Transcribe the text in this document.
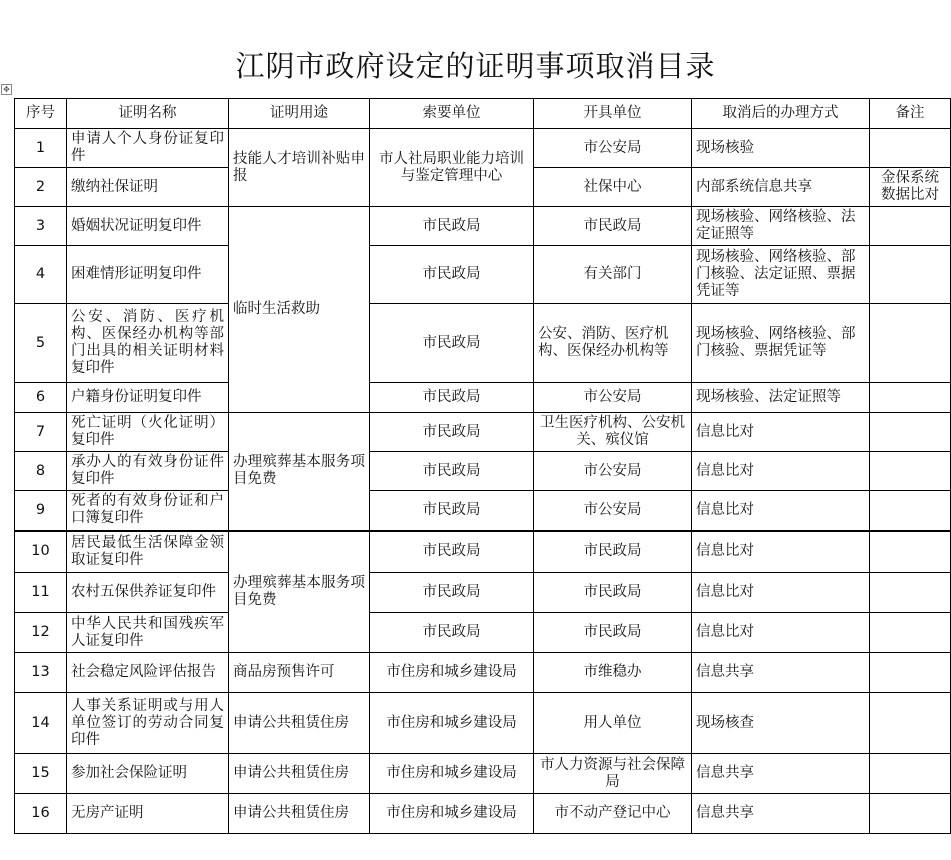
江阴市政府设定的证明事项取消目录
✥
序号	证明名称	证明用途	索要单位	开具单位	取消后的办理方式	备注
1	申请人个人身份证复印件	技能人才培训补贴申报	市人社局职业能力培训与鉴定管理中心	市公安局	现场核验	
2	缴纳社保证明			社保中心	内部系统信息共享	金保系统数据比对
3	婚姻状况证明复印件	临时生活救助	市民政局	市民政局	现场核验、网络核验、法定证照等	
4	困难情形证明复印件		市民政局	有关部门	现场核验、网络核验、部门核验、法定证照、票据凭证等	
5	公安、消防、医疗机构、医保经办机构等部门出具的相关证明材料复印件		市民政局	公安、消防、医疗机构、医保经办机构等	现场核验、网络核验、部门核验、票据凭证等	
6	户籍身份证明复印件		市民政局	市公安局	现场核验、法定证照等	
7	死亡证明（火化证明）复印件	办理殡葬基本服务项目免费	市民政局	卫生医疗机构、公安机关、殡仪馆	信息比对	
8	承办人的有效身份证件复印件		市民政局	市公安局	信息比对	
9	死者的有效身份证和户口簿复印件		市民政局	市公安局	信息比对	
10	居民最低生活保障金领取证复印件	办理殡葬基本服务项目免费	市民政局	市民政局	信息比对	
11	农村五保供养证复印件		市民政局	市民政局	信息比对	
12	中华人民共和国残疾军人证复印件		市民政局	市民政局	信息比对	
13	社会稳定风险评估报告	商品房预售许可	市住房和城乡建设局	市维稳办	信息共享	
14	人事关系证明或与用人单位签订的劳动合同复印件	申请公共租赁住房	市住房和城乡建设局	用人单位	现场核查	
15	参加社会保险证明	申请公共租赁住房	市住房和城乡建设局	市人力资源与社会保障局	信息共享	
16	无房产证明	申请公共租赁住房	市住房和城乡建设局	市不动产登记中心	信息共享	
